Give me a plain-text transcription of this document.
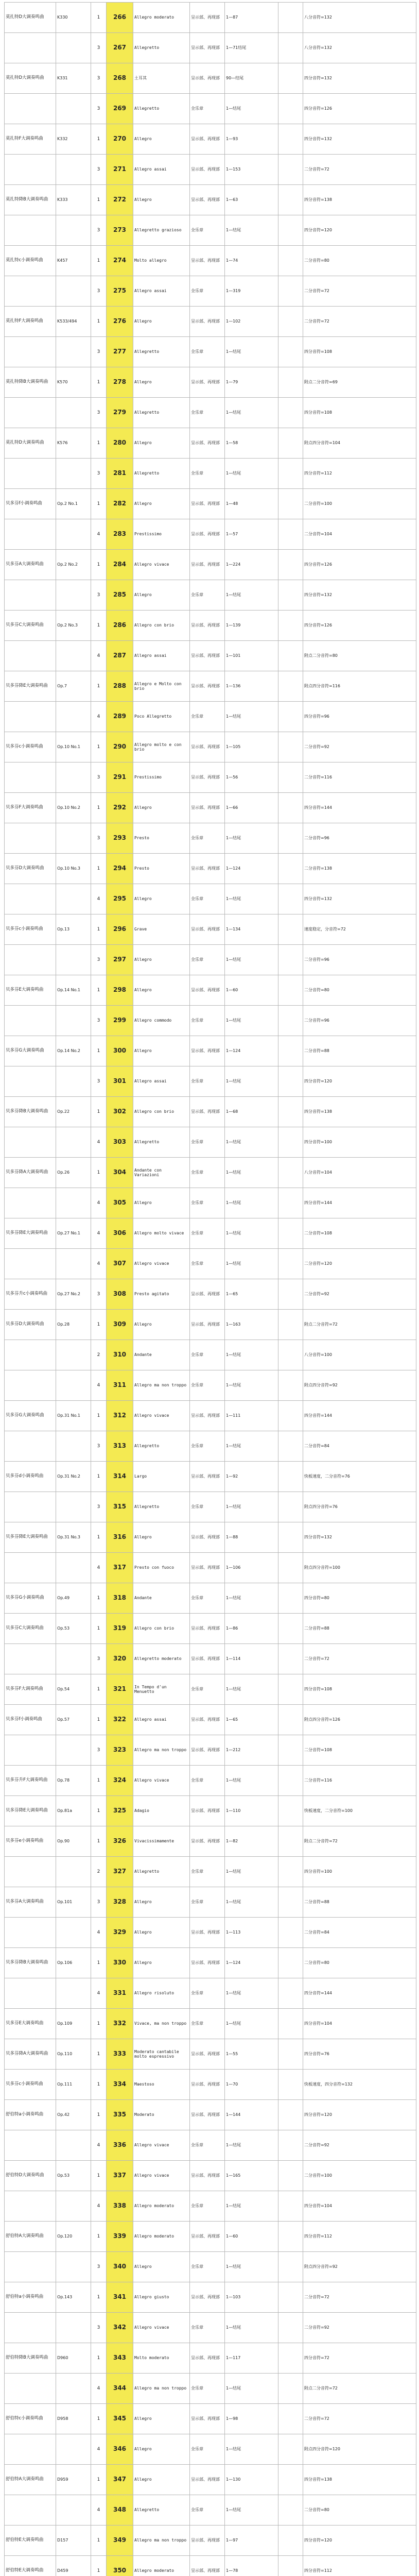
莫扎特D大调奏鸣曲	K330	1	266	Allegro moderato	呈示部、再现部	1—87		八分音符=132
		3	267	Allegretto	呈示部、再现部	1—71结尾		八分音符=132
莫扎特D大调奏鸣曲	K331	3	268	土耳其	呈示部、再现部	90—结尾		四分音符=132
		3	269	Allegretto	全乐章	1—结尾		四分音符=126
莫扎特F大调奏鸣曲	K332	1	270	Allegro	呈示部、再现部	1—93		四分音符=132
		3	271	Allegro assai	呈示部、再现部	1—153		二分音符=72
莫扎特降B大调奏鸣曲	K333	1	272	Allegro	呈示部、再现部	1—63		四分音符=138
		3	273	Allegretto grazioso	全乐章	1—结尾		四分音符=120
莫扎特c小调奏鸣曲	K457	1	274	Molto allegro	呈示部、再现部	1—74		二分音符=80
		3	275	Allegro assai	全乐章	1—319		二分音符=72
莫扎特F大调奏鸣曲	K533/494	1	276	Allegro	呈示部、再现部	1—102		二分音符=72
		3	277	Allegretto	全乐章	1—结尾		四分音符=108
莫扎特降B大调奏鸣曲	K570	1	278	Allegro	呈示部、再现部	1—79		附点二分音符=69
		3	279	Allegretto	全乐章	1—结尾		四分音符=108
莫扎特D大调奏鸣曲	K576	1	280	Allegro	呈示部、再现部	1—58		附点四分音符=104
		3	281	Allegretto	全乐章	1—结尾		四分音符=112
贝多芬f小调奏鸣曲	Op.2 No.1	1	282	Allegro	呈示部、再现部	1—48		二分音符=100
		4	283	Prestissimo	呈示部、再现部	1—57		二分音符=104
贝多芬A大调奏鸣曲	Op.2 No.2	1	284	Allegro vivace	呈示部、再现部	1—224		四分音符=126
		3	285	Allegro	全乐章	1—结尾		四分音符=132
贝多芬C大调奏鸣曲	Op.2 No.3	1	286	Allegro con brio	呈示部、再现部	1—139		四分音符=126
		4	287	Allegro assai	呈示部、再现部	1—101		附点二分音符=80
贝多芬降E大调奏鸣曲	Op.7	1	288	Allegro e Molto con brio	呈示部、再现部	1—136		附点四分音符=116
		4	289	Poco Allegretto	全乐章	1—结尾		四分音符=96
贝多芬c小调奏鸣曲	Op.10 No.1	1	290	Allegro molto e con brio	呈示部、再现部	1—105		二分音符=92
		3	291	Prestissimo	呈示部、再现部	1—56		二分音符=116
贝多芬F大调奏鸣曲	Op.10 No.2	1	292	Allegro	呈示部、再现部	1—66		四分音符=144
		3	293	Presto	全乐章	1—结尾		二分音符=96
贝多芬D大调奏鸣曲	Op.10 No.3	1	294	Presto	呈示部、再现部	1—124		二分音符=138
		4	295	Allegro	全乐章	1—结尾		四分音符=132
贝多芬c小调奏鸣曲	Op.13	1	296	Grave	呈示部、再现部	1—134		速度稳定，分音符=72
		3	297	Allegro	全乐章	1—结尾		二分音符=96
贝多芬E大调奏鸣曲	Op.14 No.1	1	298	Allegro	呈示部、再现部	1—60		二分音符=80
		3	299	Allegro commodo	全乐章	1—结尾		二分音符=96
贝多芬G大调奏鸣曲	Op.14 No.2	1	300	Allegro	呈示部、再现部	1—124		二分音符=88
		3	301	Allegro assai	全乐章	1—结尾		四分音符=120
贝多芬降B大调奏鸣曲	Op.22	1	302	Allegro con brio	呈示部、再现部	1—68		四分音符=138
		4	303	Allegretto	全乐章	1—结尾		四分音符=100
贝多芬降A大调奏鸣曲	Op.26	1	304	Andante con Variazioni	全乐章	1—结尾		八分音符=104
		4	305	Allegro	全乐章	1—结尾		四分音符=144
贝多芬降E大调奏鸣曲	Op.27 No.1	4	306	Allegro molto vivace	全乐章	1—结尾		二分音符=108
		4	307	Allegro vivace	全乐章	1—结尾		二分音符=120
贝多芬升c小调奏鸣曲	Op.27 No.2	3	308	Presto agitato	呈示部、再现部	1—65		二分音符=92
贝多芬D大调奏鸣曲	Op.28	1	309	Allegro	呈示部、再现部	1—163		附点二分音符=72
		2	310	Andante	全乐章	1—结尾		八分音符=100
		4	311	Allegro ma non troppo	全乐章	1—结尾		附点四分音符=92
贝多芬G大调奏鸣曲	Op.31 No.1	1	312	Allegro vivace	呈示部、再现部	1—111		四分音符=144
		3	313	Allegretto	全乐章	1—结尾		二分音符=84
贝多芬d小调奏鸣曲	Op.31 No.2	1	314	Largo	呈示部、再现部	1—92		快板速度，二分音符=76
		3	315	Allegretto	全乐章	1—结尾		附点四分音符=76
贝多芬降E大调奏鸣曲	Op.31 No.3	1	316	Allegro	呈示部、再现部	1—88		四分音符=132
		4	317	Presto con fuoco	呈示部、再现部	1—106		附点四分音符=100
贝多芬G小调奏鸣曲	Op.49	1	318	Andante	全乐章	1—结尾		四分音符=80
贝多芬C大调奏鸣曲	Op.53	1	319	Allegro con brio	呈示部、再现部	1—86		二分音符=88
		3	320	Allegretto moderato	呈示部、再现部	1—114		二分音符=72
贝多芬F大调奏鸣曲	Op.54	1	321	In Tempo d'un Menuetto	全乐章	1—结尾		四分音符=108
贝多芬f小调奏鸣曲	Op.57	1	322	Allegro assai	呈示部、再现部	1—65		附点四分音符=126
		3	323	Allegro ma non troppo	呈示部、再现部	1—212		二分音符=108
贝多芬升F大调奏鸣曲	Op.78	1	324	Allegro vivace	全乐章	1—结尾		二分音符=116
贝多芬降E大调奏鸣曲	Op.81a	1	325	Adagio	呈示部、再现部	1—110		快板速度，二分音符=100
贝多芬e小调奏鸣曲	Op.90	1	326	Vivacissimamente	呈示部、再现部	1—82		附点二分音符=72
		2	327	Allegretto	全乐章	1—结尾		四分音符=100
贝多芬A大调奏鸣曲	Op.101	3	328	Allegro	全乐章	1—结尾		二分音符=88
		4	329	Allegro	呈示部、再现部	1—113		二分音符=84
贝多芬降B大调奏鸣曲	Op.106	1	330	Allegro	呈示部、再现部	1—124		二分音符=80
		4	331	Allegro risoluto	全乐章	1—结尾		四分音符=144
贝多芬E大调奏鸣曲	Op.109	1	332	Vivace, ma non troppo	全乐章	1—结尾		四分音符=104
贝多芬降A大调奏鸣曲	Op.110	1	333	Moderato cantabile molto espressivo	呈示部、再现部	1—55		四分音符=76
贝多芬c小调奏鸣曲	Op.111	1	334	Maestoso	呈示部、再现部	1—70		快板速度，四分音符=132
舒伯特a小调奏鸣曲	Op.42	1	335	Moderato	呈示部、再现部	1—144		四分音符=120
		4	336	Allegro vivace	全乐章	1—结尾		二分音符=92
舒伯特D大调奏鸣曲	Op.53	1	337	Allegro vivace	呈示部、再现部	1—165		二分音符=100
		4	338	Allegro moderato	全乐章	1—结尾		四分音符=104
舒伯特A大调奏鸣曲	Op.120	1	339	Allegro moderato	呈示部、再现部	1—60		四分音符=112
		3	340	Allegro	全乐章	1—结尾		附点四分音符=92
舒伯特a小调奏鸣曲	Op.143	1	341	Allegro giusto	呈示部、再现部	1—103		二分音符=72
		3	342	Allegro vivace	全乐章	1—结尾		二分音符=92
舒伯特降B大调奏鸣曲	D960	1	343	Molto moderato	呈示部、再现部	1—117		四分音符=72
		4	344	Allegro ma non troppo	全乐章	1—结尾		附点二分音符=72
舒伯特c小调奏鸣曲	D958	1	345	Allegro	呈示部、再现部	1—98		二分音符=72
		4	346	Allegro	全乐章	1—结尾		附点四分音符=120
舒伯特A大调奏鸣曲	D959	1	347	Allegro	呈示部、再现部	1—130		四分音符=138
		4	348	Allegretto	全乐章	1—结尾		二分音符=80
舒伯特E大调奏鸣曲	D157	1	349	Allegro ma non troppo	呈示部、再现部	1—97		四分音符=120
舒伯特E大调奏鸣曲	D459	1	350	Allegro moderato	呈示部、再现部	1—78		四分音符=112
